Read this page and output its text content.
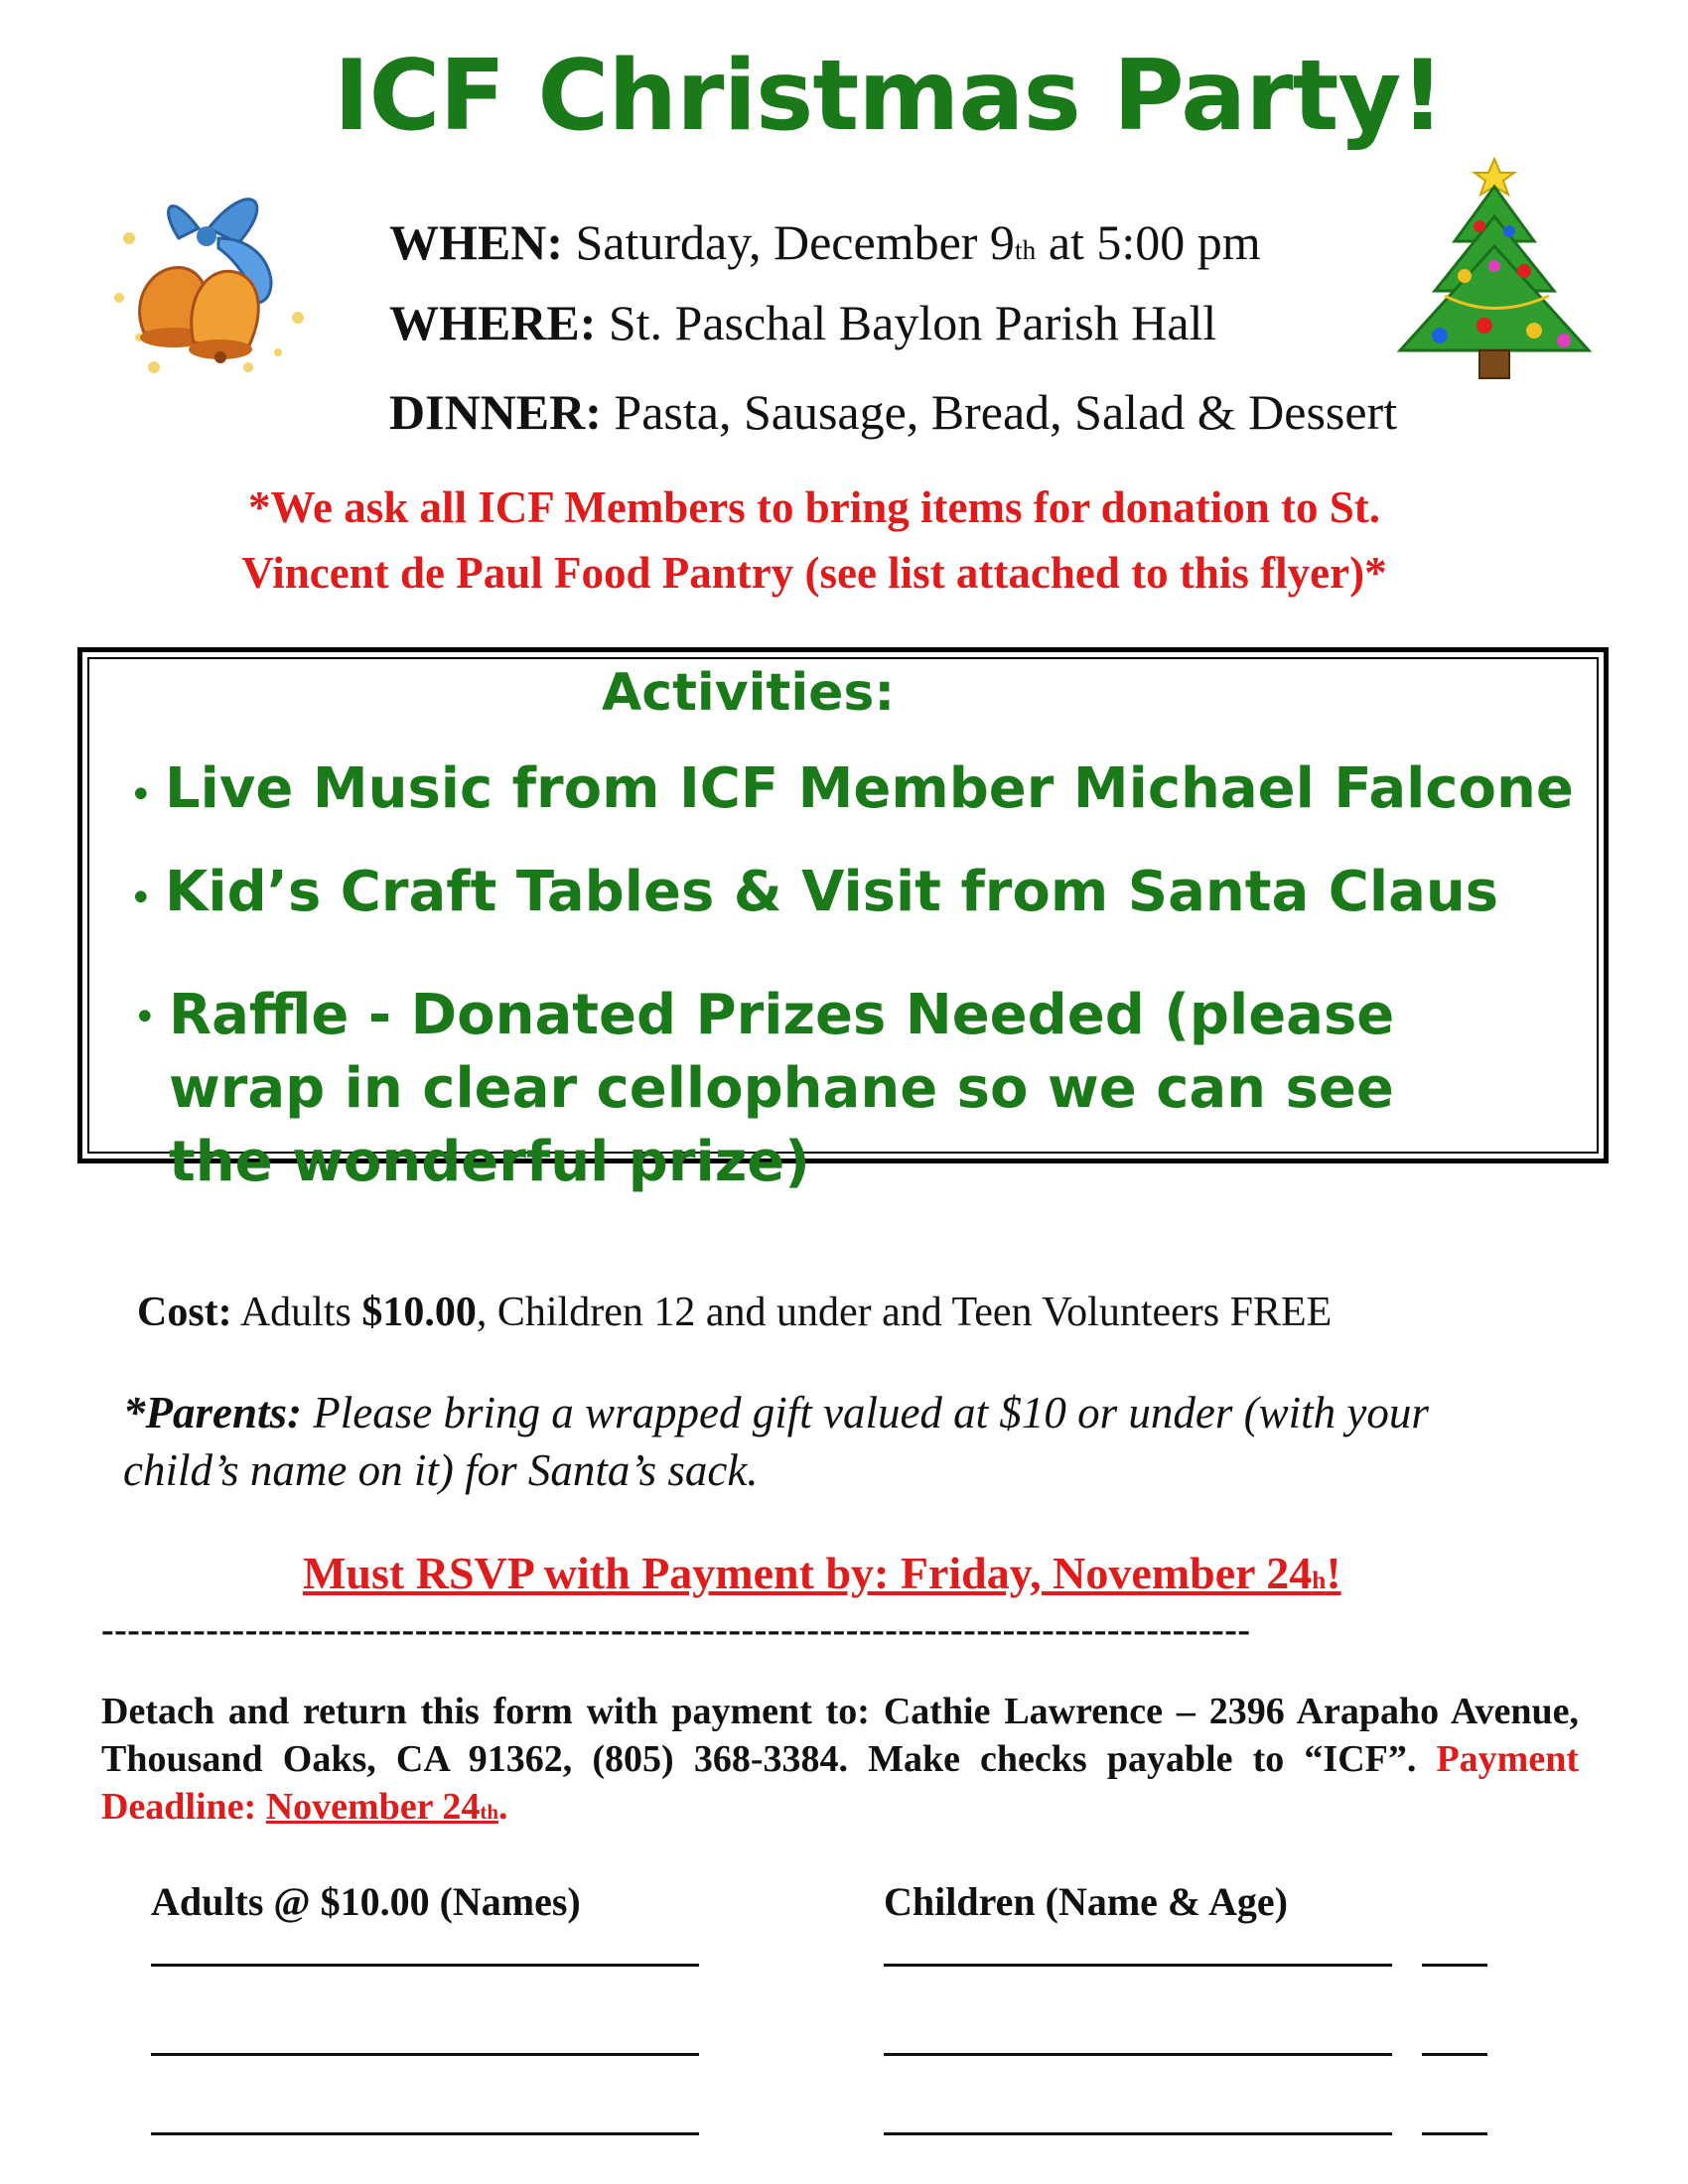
ICF Christmas Party!
WHEN: Saturday, December 9th at 5:00 pm
WHERE: St. Paschal Baylon Parish Hall
DINNER: Pasta, Sausage, Bread, Salad & Dessert
*We ask all ICF Members to bring items for donation to St.
Vincent de Paul Food Pantry (see list attached to this flyer)*
Activities:
• Live Music from ICF Member Michael Falcone
• Kid’s Craft Tables & Visit from Santa Claus
• Raffle - Donated Prizes Needed (please wrap in clear cellophane so we can see the wonderful prize)
Cost: Adults $10.00, Children 12 and under and Teen Volunteers FREE
*Parents: Please bring a wrapped gift valued at $10 or under (with your child’s name on it) for Santa’s sack.
Must RSVP with Payment by: Friday, November 24h!
----------------------------------------------------------------------------------------
Detach and return this form with payment to: Cathie Lawrence – 2396 Arapaho Avenue, Thousand Oaks, CA 91362, (805) 368-3384. Make checks payable to “ICF”. Payment Deadline: November 24th.
Adults @ $10.00 (Names)	Children (Name & Age)
